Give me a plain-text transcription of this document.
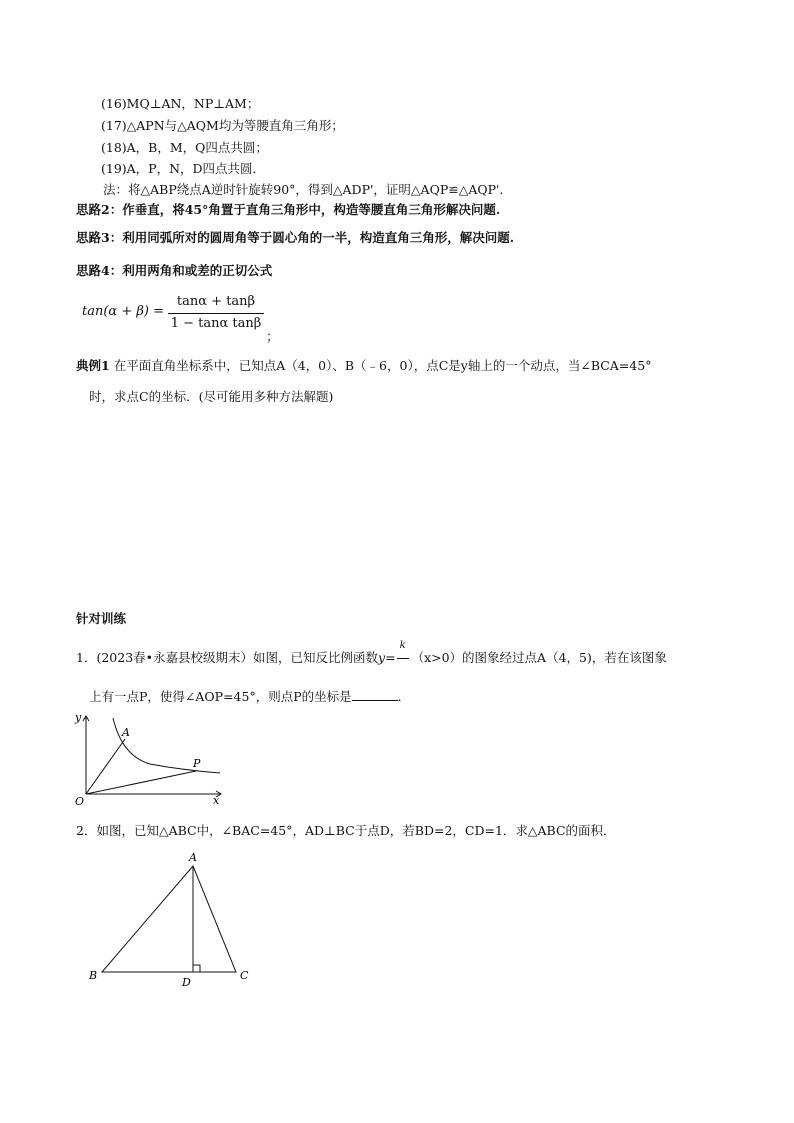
(16)MQ⊥AN，NP⊥AM；
(17)△APN与△AQM均为等腰直角三角形；
(18)A，B，M，Q四点共圆；
(19)A，P，N，D四点共圆．
法：将△ABP绕点A逆时针旋转90°，得到△ADP'，证明△AQP≌△AQP'.
思路2：作垂直，将45°角置于直角三角形中，构造等腰直角三角形解决问题.
思路3：利用同弧所对的圆周角等于圆心角的一半，构造直角三角形，解决问题.
思路4：利用两角和或差的正切公式
tan(α + β) =
tanα + tanβ
1 − tanα tanβ
；
典例1 在平面直角坐标系中，已知点A（4，0）、B（﹣6，0），点C是y轴上的一个动点，当∠BCA=45°
时，求点C的坐标．(尽可能用多种方法解题)
针对训练
1．(2023春•永嘉县校级期末）如图，已知反比例函数y=
k
（x>0）的图象经过点A（4，5)，若在该图象
上有一点P，使得∠AOP=45°，则点P的坐标是	．
y
x
O
A
P
2．如图，已知△ABC中，∠BAC=45°，AD⊥BC于点D，若BD=2，CD=1．求△ABC的面积．
A
B	C
D
